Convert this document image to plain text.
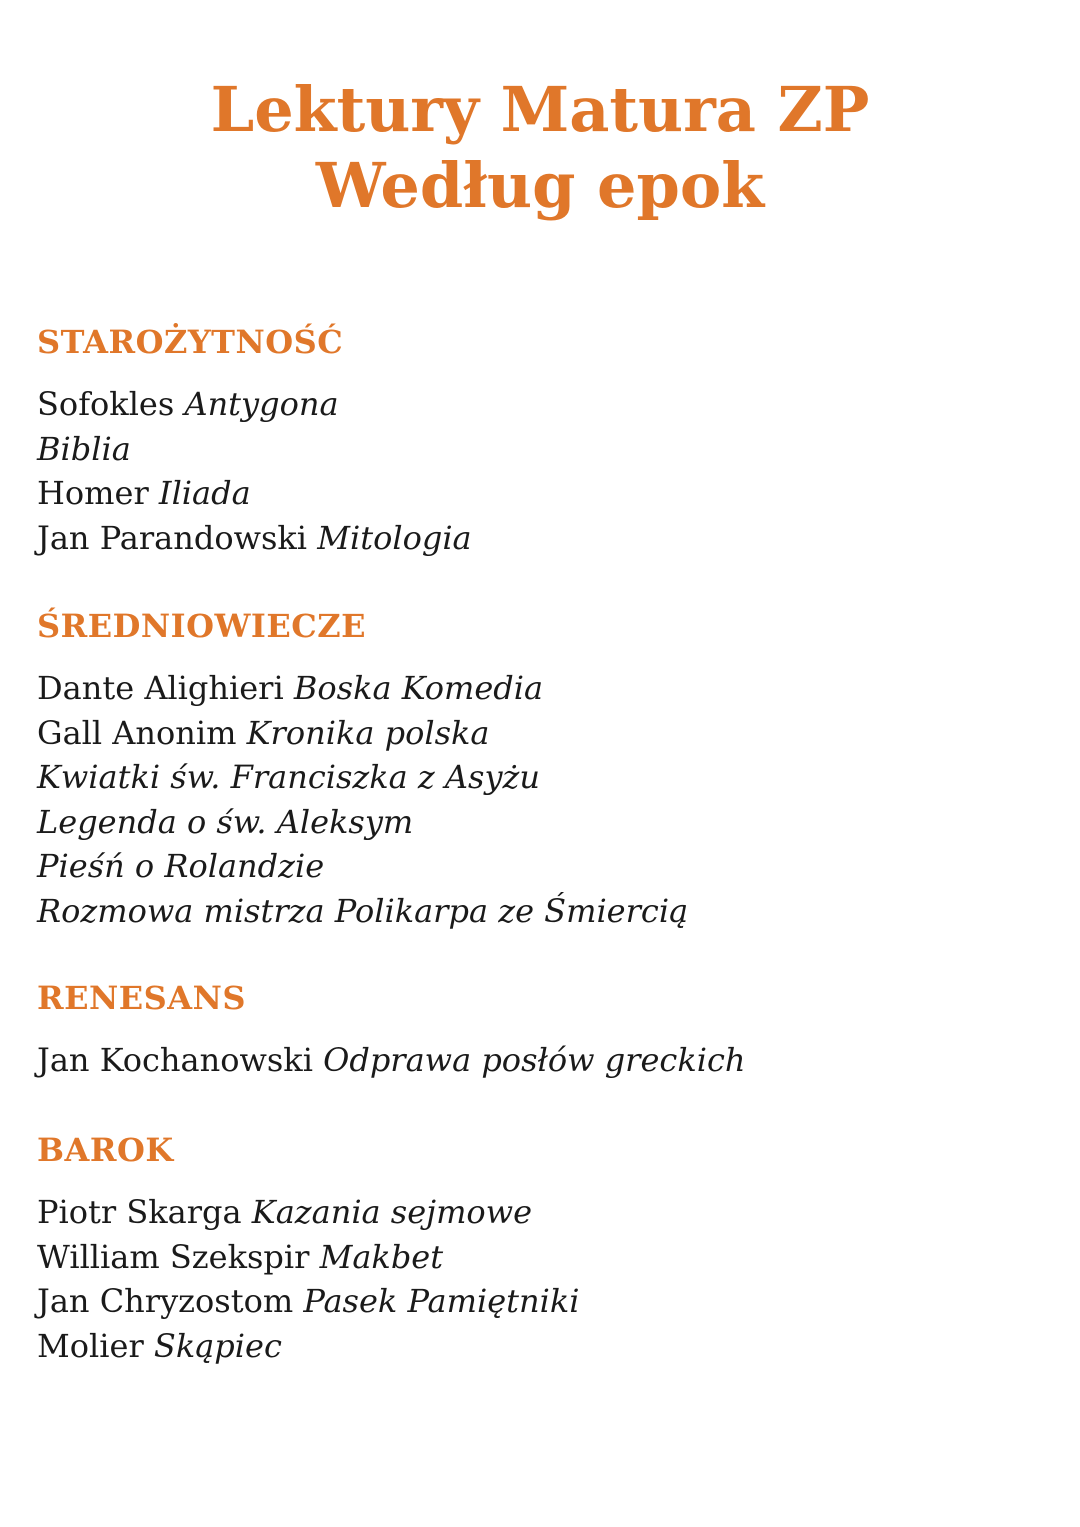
Lektury Matura ZP
Według epok
STAROŻYTNOŚĆ
Sofokles Antygona
Biblia
Homer Iliada
Jan Parandowski Mitologia
ŚREDNIOWIECZE
Dante Alighieri Boska Komedia
Gall Anonim Kronika polska
Kwiatki św. Franciszka z Asyżu
Legenda o św. Aleksym
Pieśń o Rolandzie
Rozmowa mistrza Polikarpa ze Śmiercią
RENESANS
Jan Kochanowski Odprawa posłów greckich
BAROK
Piotr Skarga Kazania sejmowe
William Szekspir Makbet
Jan Chryzostom Pasek Pamiętniki
Molier Skąpiec
